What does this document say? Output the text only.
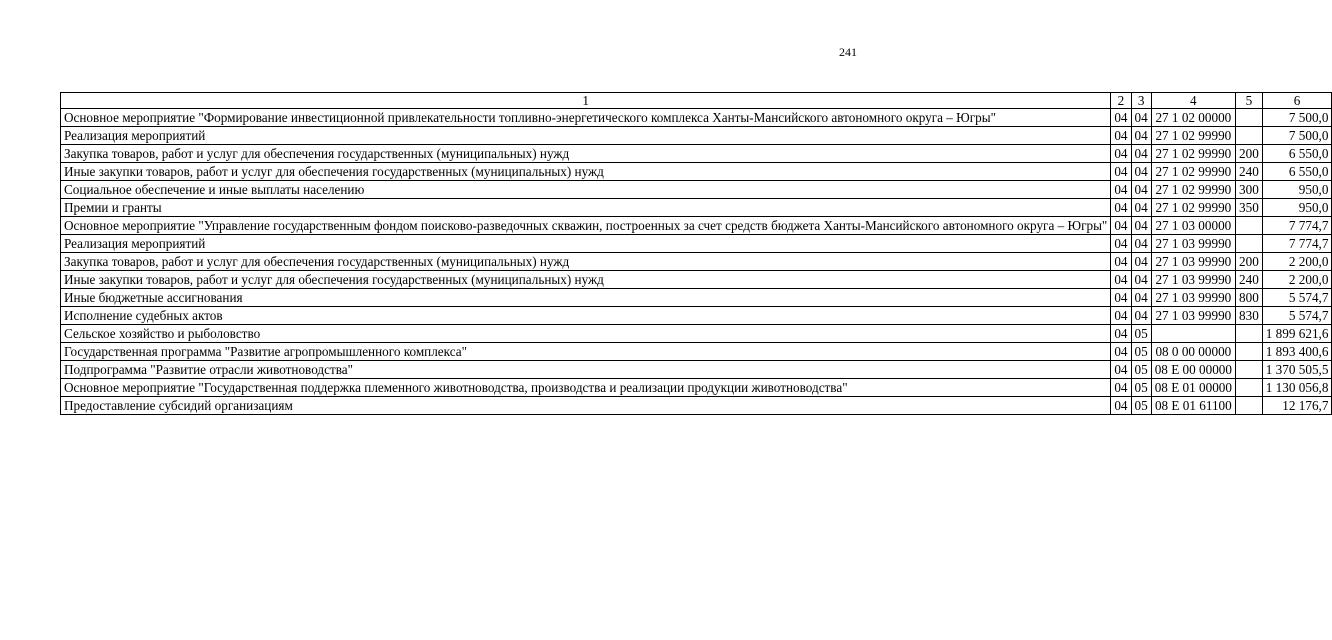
241
1	2	3	4	5	6
Основное мероприятие "Формирование инвестиционной привлекательности топливно-энергетического комплекса Ханты-Мансийского автономного округа – Югры"	04	04	27 1 02 00000		7 500,0
Реализация мероприятий	04	04	27 1 02 99990		7 500,0
Закупка товаров, работ и услуг для обеспечения государственных (муниципальных) нужд	04	04	27 1 02 99990	200	6 550,0
Иные закупки товаров, работ и услуг для обеспечения государственных (муниципальных) нужд	04	04	27 1 02 99990	240	6 550,0
Социальное обеспечение и иные выплаты населению	04	04	27 1 02 99990	300	950,0
Премии и гранты	04	04	27 1 02 99990	350	950,0
Основное мероприятие "Управление государственным фондом поисково-разведочных скважин, построенных за счет средств бюджета Ханты-Мансийского автономного округа – Югры"	04	04	27 1 03 00000		7 774,7
Реализация мероприятий	04	04	27 1 03 99990		7 774,7
Закупка товаров, работ и услуг для обеспечения государственных (муниципальных) нужд	04	04	27 1 03 99990	200	2 200,0
Иные закупки товаров, работ и услуг для обеспечения государственных (муниципальных) нужд	04	04	27 1 03 99990	240	2 200,0
Иные бюджетные ассигнования	04	04	27 1 03 99990	800	5 574,7
Исполнение судебных актов	04	04	27 1 03 99990	830	5 574,7
Сельское хозяйство и рыболовство	04	05			1 899 621,6
Государственная программа "Развитие агропромышленного комплекса"	04	05	08 0 00 00000		1 893 400,6
Подпрограмма "Развитие отрасли животноводства"	04	05	08 Е 00 00000		1 370 505,5
Основное мероприятие "Государственная поддержка племенного животноводства, производства и реализации продукции животноводства"	04	05	08 Е 01 00000		1 130 056,8
Предоставление субсидий организациям	04	05	08 Е 01 61100		12 176,7
